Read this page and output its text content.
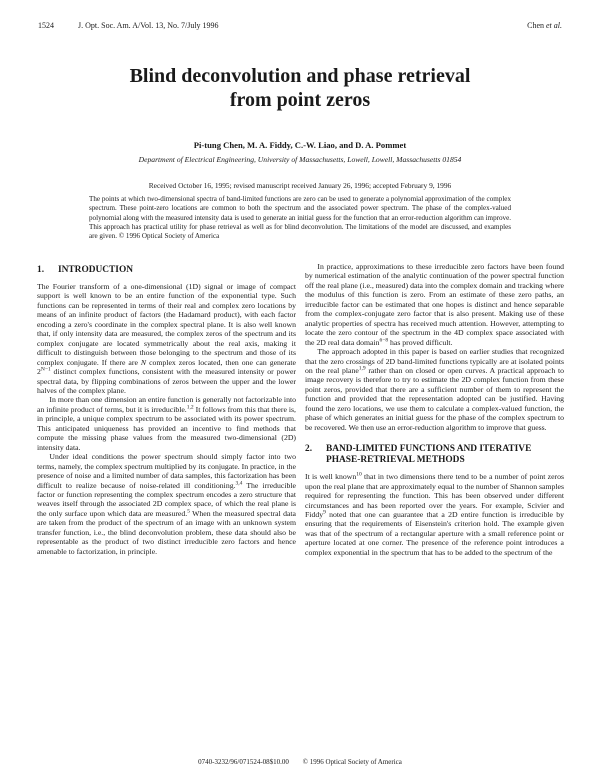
1524	J. Opt. Soc. Am. A/Vol. 13, No. 7/July 1996	Chen et al.
Blind deconvolution and phase retrieval
from point zeros
Pi-tung Chen, M. A. Fiddy, C.-W. Liao, and D. A. Pommet
Department of Electrical Engineering, University of Massachusetts, Lowell, Lowell, Massachusetts 01854
Received October 16, 1995; revised manuscript received January 26, 1996; accepted February 9, 1996
The points at which two-dimensional spectra of band-limited functions are zero can be used to generate a polynomial approximation of the complex spectrum. These point-zero locations are common to both the spectrum and the associated power spectrum. The phase of the complex-valued polynomial along with the measured intensity data is used to generate an initial guess for the function that an error-reduction algorithm can improve. This approach has practical utility for phase retrieval as well as for blind deconvolution. The limitations of the model are discussed, and examples are given. © 1996 Optical Society of America
1.	INTRODUCTION

The Fourier transform of a one-dimensional (1D) signal or image of compact support is well known to be an entire function of the exponential type. Such functions can be represented in terms of their real and complex zero locations by means of an infinite product of factors (the Hadamard product), with each factor encoding a zero's coordinate in the complex spectral plane. It is also well known that, if only intensity data are measured, the complex zeros of the spectrum and its complex conjugate are located symmetrically about the real axis, making it difficult to distinguish between those belonging to the spectrum and those of its complex conjugate. If there are N complex zeros located, then one can generate $2^{N-1}$ distinct complex functions, consistent with the measured intensity or power spectral data, by flipping combinations of zeros between the upper and the lower halves of the complex plane.

In more than one dimension an entire function is generally not factorizable into an infinite product of terms, but it is irreducible.$^{1,2}$ It follows from this that there is, in principle, a unique complex spectrum to be associated with its power spectrum. This anticipated uniqueness has provided an incentive to find methods that compute the missing phase values from the measured two-dimensional (2D) intensity data.

Under ideal conditions the power spectrum should simply factor into two terms, namely, the complex spectrum multiplied by its conjugate. In practice, in the presence of noise and a limited number of data samples, this factorization has been difficult to realize because of noise-related ill conditioning.$^{3,4}$ The irreducible factor or function representing the complex spectrum encodes a zero structure that weaves itself through the associated 2D complex space, of which the real plane is the only surface upon which data are measured.$^5$ When the measured spectral data are taken from the product of the spectrum of an image with an unknown system transfer function, i.e., the blind deconvolution problem, these data should also be representable as the product of two distinct irreducible zero factors and hence amenable to factorization, in principle.

In practice, approximations to these irreducible zero factors have been found by numerical estimation of the analytic continuation of the power spectral function off the real plane (i.e., measured) data into the complex domain and tracking where the modulus of this function is zero. From an estimate of these zero paths, an irreducible factor can be estimated that one hopes is distinct and hence separable from the complex-conjugate zero factor that is also present. Making use of these analytic properties of spectra has received much attention. However, attempting to locate the zero contour of the spectrum in the 4D complex space associated with the 2D real data domain$^{6-8}$ has proved difficult.

The approach adopted in this paper is based on earlier studies that recognized that the zero crossings of 2D band-limited functions typically are at isolated points on the real plane$^{1,9}$ rather than on closed or open curves. A practical approach to image recovery is therefore to try to estimate the 2D complex function from these point zeros, provided that there are a sufficient number of them to represent the function and provided that the representation adopted can be justified. Having found the zero locations, we use them to calculate a complex-valued function, the phase of which generates an initial guess for the phase of the complex spectrum to be recovered. We then use an error-reduction algorithm to improve that guess.

2.	BAND-LIMITED FUNCTIONS AND ITERATIVE PHASE-RETRIEVAL METHODS

It is well known$^{10}$ that in two dimensions there tend to be a number of point zeros upon the real plane that are approximately equal to the number of Shannon samples required for representing the function. This has been observed under different circumstances and has been reported over the years. For example, Scivier and Fiddy$^9$ noted that one can guarantee that a 2D entire function is irreducible by ensuring that the requirements of Eisenstein's criterion hold. The example given was that of the spectrum of a rectangular aperture with a small reference point or aperture located at one corner. The presence of the reference point introduces a complex exponential in the spectrum that has to be added to the spectrum of the

0740-3232/96/071524-08$10.00 © 1996 Optical Society of America
